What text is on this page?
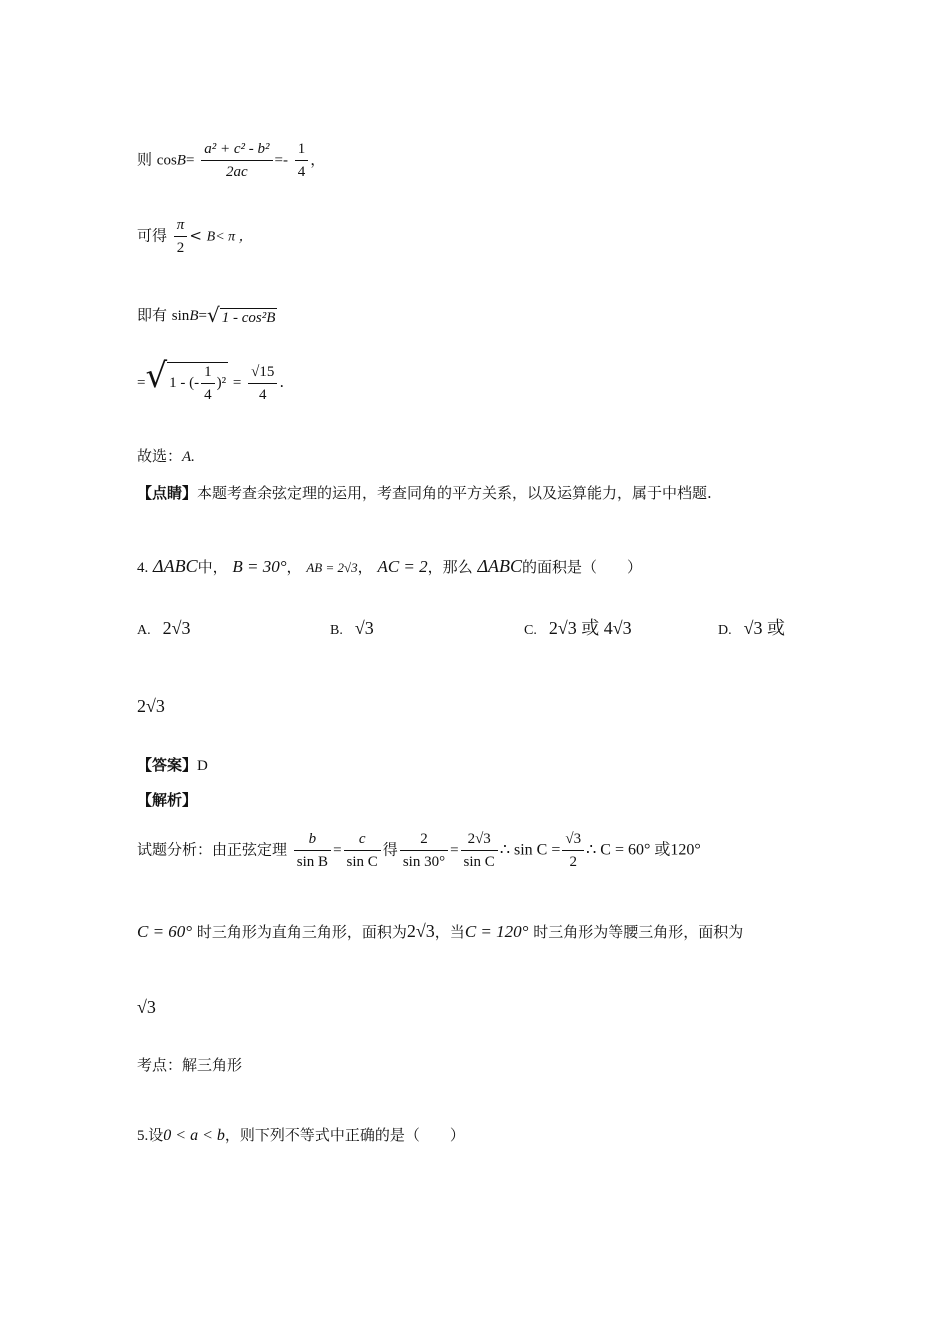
则 $\cos B= \frac{\text{a² + c² - b²}}{2ac} =- \frac{1}{4}$ ，
可得 $\frac{\pi}{2} < B< \pi$ ，
即有 sinB=√ 1 - cos²B
=√ 1 - (- $\frac{1}{4} )^2 = \frac{√15}{4}$ .
故选：A.
【点睛】本题考查余弦定理的运用，考查同角的平方关系，以及运算能力，属于中档题.
4. ΔABC中， B = 30°， AB = 2√3， AC = 2，那么 ΔABC的面积是（　　）
A. 2√3	B. √3	C. 2√3 或 4√3	D. √3 或
2√3
【答案】D
【解析】
试题分析：由正弦定理 $\frac{b}{\text{sin B}} = \frac{c}{\text{sin C}}$ 得 $\frac{2}{\sin 30^\circ} = \frac{2√3}{\text{sin C}}$ ∴ $\sin C = \frac{√3}{2}$ ∴ C = 60° 或120°
C = 60° 时三角形为直角三角形，面积为2√3，当C = 120° 时三角形为等腰三角形，面积为
√3
考点：解三角形
5.设0 < a < b，则下列不等式中正确的是（　　）
